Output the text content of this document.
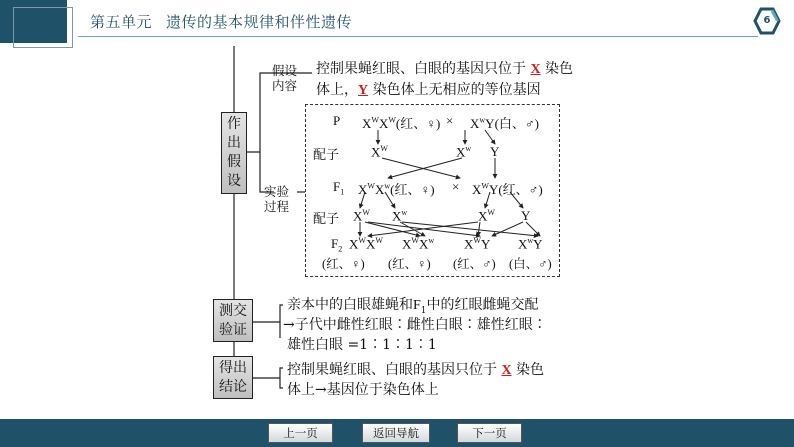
第五单元 遗传的基本规律和伴性遗传	6
作出假设
测交验证
得出结论
假设内容
实验过程
控制果蝇红眼、白眼的基因只位于 X 染色
体上，Y 染色体上无相应的等位基因
P $X^WX^W$(红、♀) × $X^wY$(白、♂)
配子 $X^W$	$X^w$ Y
$F_1$ $X^WX^w$(红、♀) × $X^WY$(红、♂)
配子 $X^W$ $X^w$	$X^W$ Y
$F_2$ $X^WX^W$ $X^WX^w$ $X^WY$ $X^wY$
(红、♀) (红、♀) (红、♂) (白、♂)
亲本中的白眼雄蝇和$F_1$中的红眼雌蝇交配
→子代中雌性红眼∶雌性白眼∶雄性红眼∶
雄性白眼 =1∶1∶1∶1
控制果蝇红眼、白眼的基因只位于 X 染色
体上→基因位于染色体上
上一页	返回导航	下一页
